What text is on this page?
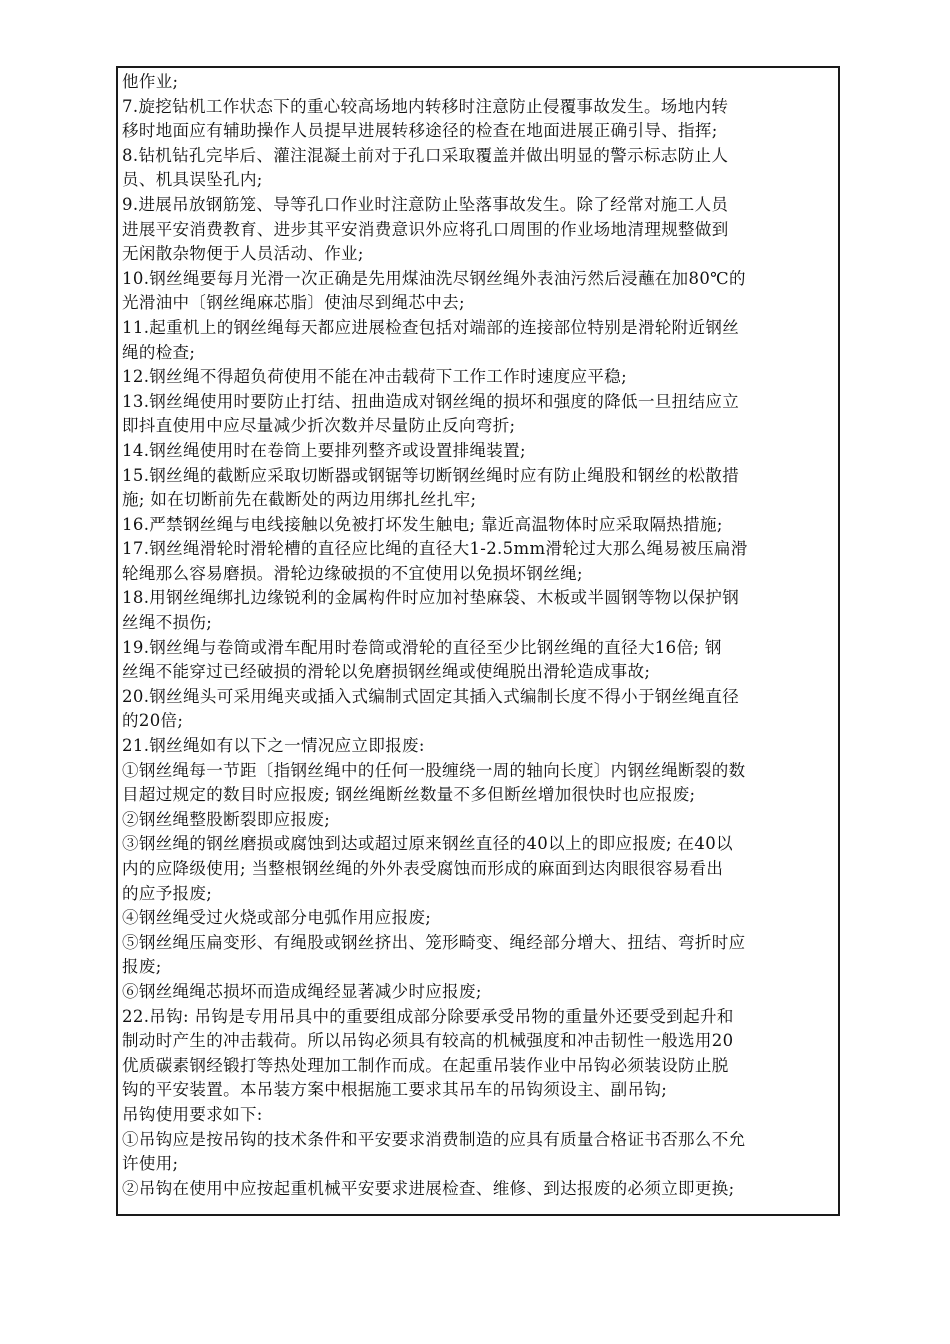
他作业;
7.旋挖钻机工作状态下的重心较高场地内转移时注意防止侵覆事故发生。场地内转
移时地面应有辅助操作人员提早进展转移途径的检查在地面进展正确引导、指挥;
8.钻机钻孔完毕后、灌注混凝土前对于孔口采取覆盖并做出明显的警示标志防止人
员、机具误坠孔内;
9.进展吊放钢筋笼、导等孔口作业时注意防止坠落事故发生。除了经常对施工人员
进展平安消费教育、进步其平安消费意识外应将孔口周围的作业场地清理规整做到
无闲散杂物便于人员活动、作业;
10.钢丝绳要每月光滑一次正确是先用煤油洗尽钢丝绳外表油污然后浸蘸在加80℃的
光滑油中〔钢丝绳麻芯脂〕使油尽到绳芯中去;
11.起重机上的钢丝绳每天都应进展检查包括对端部的连接部位特别是滑轮附近钢丝
绳的检查;
12.钢丝绳不得超负荷使用不能在冲击载荷下工作工作时速度应平稳;
13.钢丝绳使用时要防止打结、扭曲造成对钢丝绳的损坏和强度的降低一旦扭结应立
即抖直使用中应尽量减少折次数并尽量防止反向弯折;
14.钢丝绳使用时在卷筒上要排列整齐或设置排绳装置;
15.钢丝绳的截断应采取切断器或钢锯等切断钢丝绳时应有防止绳股和钢丝的松散措
施; 如在切断前先在截断处的两边用绑扎丝扎牢;
16.严禁钢丝绳与电线接触以免被打坏发生触电; 靠近高温物体时应采取隔热措施;
17.钢丝绳滑轮时滑轮槽的直径应比绳的直径大1-2.5mm滑轮过大那么绳易被压扁滑
轮绳那么容易磨损。滑轮边缘破损的不宜使用以免损坏钢丝绳;
18.用钢丝绳绑扎边缘锐利的金属构件时应加衬垫麻袋、木板或半圆钢等物以保护钢
丝绳不损伤;
19.钢丝绳与卷筒或滑车配用时卷筒或滑轮的直径至少比钢丝绳的直径大16倍; 钢
丝绳不能穿过已经破损的滑轮以免磨损钢丝绳或使绳脱出滑轮造成事故;
20.钢丝绳头可采用绳夹或插入式编制式固定其插入式编制长度不得小于钢丝绳直径
的20倍;
21.钢丝绳如有以下之一情况应立即报废:
①钢丝绳每一节距〔指钢丝绳中的任何一股缠绕一周的轴向长度〕内钢丝绳断裂的数
目超过规定的数目时应报废; 钢丝绳断丝数量不多但断丝增加很快时也应报废;
②钢丝绳整股断裂即应报废;
③钢丝绳的钢丝磨损或腐蚀到达或超过原来钢丝直径的40以上的即应报废; 在40以
内的应降级使用; 当整根钢丝绳的外外表受腐蚀而形成的麻面到达肉眼很容易看出
的应予报废;
④钢丝绳受过火烧或部分电弧作用应报废;
⑤钢丝绳压扁变形、有绳股或钢丝挤出、笼形畸变、绳经部分增大、扭结、弯折时应
报废;
⑥钢丝绳绳芯损坏而造成绳经显著减少时应报废;
22.吊钩: 吊钩是专用吊具中的重要组成部分除要承受吊物的重量外还要受到起升和
制动时产生的冲击载荷。所以吊钩必须具有较高的机械强度和冲击韧性一般选用20
优质碳素钢经锻打等热处理加工制作而成。在起重吊装作业中吊钩必须装设防止脱
钩的平安装置。本吊装方案中根据施工要求其吊车的吊钩须设主、副吊钩;
吊钩使用要求如下:
①吊钩应是按吊钩的技术条件和平安要求消费制造的应具有质量合格证书否那么不允
许使用;
②吊钩在使用中应按起重机械平安要求进展检查、维修、到达报废的必须立即更换;
